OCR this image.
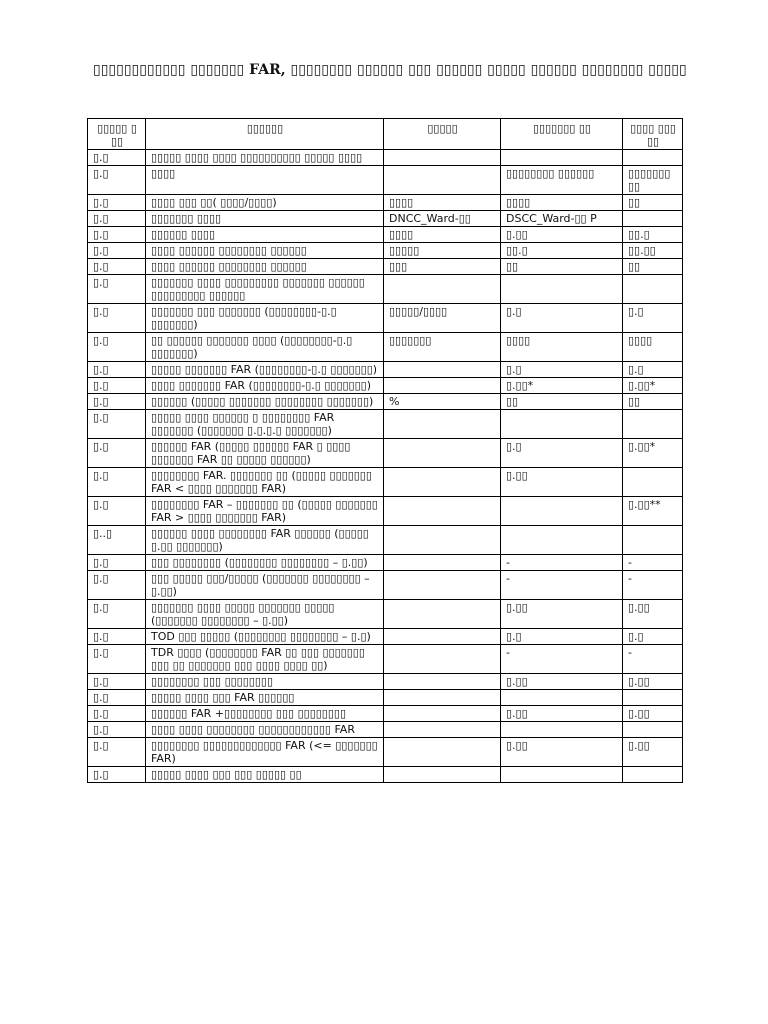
▯▯▯▯▯▯▯▯▯▯▯▯ ▯▯▯▯▯▯▯ FAR, ▯▯▯▯▯▯▯▯ ▯▯▯▯▯▯ ▯▯▯ ▯▯▯▯▯▯ ▯▯▯▯▯ ▯▯▯▯▯▯ ▯▯▯▯▯▯▯▯ ▯▯▯▯▯
▯▯▯▯▯ ▯ ▯▯	▯▯▯▯▯▯	▯▯▯▯▯	▯▯▯▯▯▯▯ ▯▯	▯▯▯▯ ▯▯▯ ▯▯
▯.▯	▯▯▯▯▯ ▯▯▯▯ ▯▯▯▯ ▯▯▯▯▯▯▯▯▯▯ ▯▯▯▯▯ ▯▯▯▯			
▯.▯	▯▯▯▯		▯▯▯▯▯▯▯▯ ▯▯▯▯▯▯	▯▯▯▯▯▯▯ ▯▯
▯.▯	▯▯▯▯ ▯▯▯ ▯▯( ▯▯▯▯/▯▯▯▯)	▯▯▯▯	▯▯▯▯	▯▯
▯.▯	▯▯▯▯▯▯▯ ▯▯▯▯	DNCC_Ward-▯▯	DSCC_Ward-▯▯ P	
▯.▯	▯▯▯▯▯▯ ▯▯▯▯	▯▯▯▯	▯.▯▯	▯▯.▯
▯.▯	▯▯▯▯ ▯▯▯▯▯▯ ▯▯▯▯▯▯▯▯ ▯▯▯▯▯▯	▯▯▯▯▯	▯▯.▯	▯▯.▯▯
▯.▯	▯▯▯▯ ▯▯▯▯▯▯ ▯▯▯▯▯▯▯▯ ▯▯▯▯▯▯	▯▯▯	▯▯	▯▯
▯.▯	▯▯▯▯▯▯▯ ▯▯▯▯ ▯▯▯▯▯▯▯▯▯ ▯▯▯▯▯▯▯ ▯▯▯▯▯▯ ▯▯▯▯▯▯▯▯▯ ▯▯▯▯▯▯			
▯.▯	▯▯▯▯▯▯▯ ▯▯▯ ▯▯▯▯▯▯▯ (▯▯▯▯▯▯▯▯-▯.▯ ▯▯▯▯▯▯▯)	▯▯▯▯▯/▯▯▯▯	▯.▯	▯.▯
▯.▯	▯▯ ▯▯▯▯▯▯ ▯▯▯▯▯▯▯ ▯▯▯▯ (▯▯▯▯▯▯▯▯-▯.▯ ▯▯▯▯▯▯▯)	▯▯▯▯▯▯▯	▯▯▯▯	▯▯▯▯
▯.▯	▯▯▯▯▯ ▯▯▯▯▯▯▯ FAR (▯▯▯▯▯▯▯▯-▯.▯ ▯▯▯▯▯▯▯)		▯.▯	▯.▯
▯.▯	▯▯▯▯ ▯▯▯▯▯▯▯ FAR (▯▯▯▯▯▯▯▯-▯.▯ ▯▯▯▯▯▯▯)		▯.▯▯*	▯.▯▯*
▯.▯	▯▯▯▯▯▯ (▯▯▯▯▯ ▯▯▯▯▯▯▯ ▯▯▯▯▯▯▯▯ ▯▯▯▯▯▯▯)	%	▯▯	▯▯
▯.▯	▯▯▯▯▯ ▯▯▯▯ ▯▯▯▯▯▯ ▯ ▯▯▯▯▯▯▯▯ FAR ▯▯▯▯▯▯▯ (▯▯▯▯▯▯▯ ▯.▯.▯.▯ ▯▯▯▯▯▯▯)			
▯.▯	▯▯▯▯▯▯ FAR (▯▯▯▯▯ ▯▯▯▯▯▯ FAR ▯ ▯▯▯▯ ▯▯▯▯▯▯▯ FAR ▯▯ ▯▯▯▯▯ ▯▯▯▯▯▯)		▯.▯	▯.▯▯*
▯.▯	▯▯▯▯▯▯▯▯ FAR. ▯▯▯▯▯▯▯ ▯▯ (▯▯▯▯▯ ▯▯▯▯▯▯▯ FAR < ▯▯▯▯ ▯▯▯▯▯▯▯ FAR)		▯.▯▯	
▯.▯	▯▯▯▯▯▯▯▯ FAR – ▯▯▯▯▯▯▯ ▯▯ (▯▯▯▯▯ ▯▯▯▯▯▯▯ FAR > ▯▯▯▯ ▯▯▯▯▯▯▯ FAR)			▯.▯▯**
▯..▯	▯▯▯▯▯▯ ▯▯▯▯ ▯▯▯▯▯▯▯▯ FAR ▯▯▯▯▯▯ (▯▯▯▯▯ ▯.▯▯ ▯▯▯▯▯▯▯)			
▯.▯	▯▯▯ ▯▯▯▯▯▯▯▯ (▯▯▯▯▯▯▯▯ ▯▯▯▯▯▯▯▯ – ▯.▯▯)		-	-
▯.▯	▯▯▯ ▯▯▯▯▯ ▯▯▯/▯▯▯▯▯ (▯▯▯▯▯▯▯ ▯▯▯▯▯▯▯▯ – ▯.▯▯)		-	-
▯.▯	▯▯▯▯▯▯▯ ▯▯▯▯ ▯▯▯▯▯ ▯▯▯▯▯▯▯ ▯▯▯▯▯ (▯▯▯▯▯▯▯ ▯▯▯▯▯▯▯▯ – ▯.▯▯)		▯.▯▯	▯.▯▯
▯.▯	TOD ▯▯▯ ▯▯▯▯▯ (▯▯▯▯▯▯▯▯ ▯▯▯▯▯▯▯▯ – ▯.▯)		▯.▯	▯.▯
▯.▯	TDR ▯▯▯▯ (▯▯▯▯▯▯▯▯ FAR ▯▯ ▯▯▯ ▯▯▯▯▯▯▯ ▯▯▯ ▯▯ ▯▯▯▯▯▯▯ ▯▯▯ ▯▯▯▯ ▯▯▯▯ ▯▯)		-	-
▯.▯	▯▯▯▯▯▯▯▯ ▯▯▯ ▯▯▯▯▯▯▯▯		▯.▯▯	▯.▯▯
▯.▯	▯▯▯▯▯ ▯▯▯▯ ▯▯▯ FAR ▯▯▯▯▯▯			
▯.▯	▯▯▯▯▯▯ FAR +▯▯▯▯▯▯▯▯ ▯▯▯ ▯▯▯▯▯▯▯▯		▯.▯▯	▯.▯▯
▯.▯	▯▯▯▯ ▯▯▯▯ ▯▯▯▯▯▯▯▯ ▯▯▯▯▯▯▯▯▯▯▯▯ FAR			
▯.▯	▯▯▯▯▯▯▯▯ ▯▯▯▯▯▯▯▯▯▯▯▯▯ FAR (<= ▯▯▯▯▯▯▯ FAR)		▯.▯▯	▯.▯▯
▯.▯	▯▯▯▯▯ ▯▯▯▯ ▯▯▯ ▯▯▯ ▯▯▯▯▯ ▯▯			
